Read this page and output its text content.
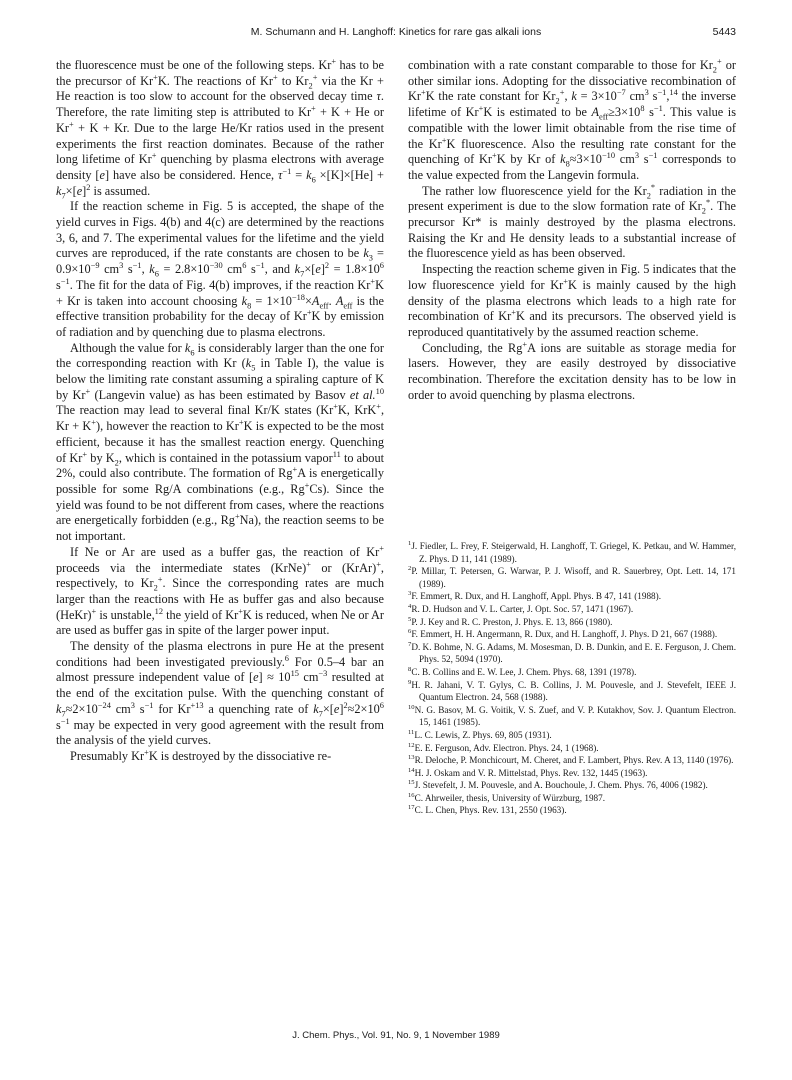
M. Schumann and H. Langhoff: Kinetics for rare gas alkali ions	5443

the fluorescence must be one of the following steps. Kr+ has to be the precursor of Kr+K. The reactions of Kr+ to $Kr_2^+$ via the Kr + He reaction is too slow to account for the observed decay time τ. Therefore, the rate limiting step is attributed to Kr+ + K + He or Kr+ + K + Kr. Due to the large He/Kr ratios used in the present experiments the first reaction dominates. Because of the rather long lifetime of Kr+ quenching by plasma electrons with average density [e] have also be considered. Hence, $\tau^{-1} = k_6 \times[K]\times[He] + k_7\times[e]^2$ is assumed.

If the reaction scheme in Fig. 5 is accepted, the shape of the yield curves in Figs. 4(b) and 4(c) are determined by the reactions 3, 6, and 7. The experimental values for the lifetime and the yield curves are reproduced, if the rate constants are chosen to be $k_3 = 0.9\times 10^{-9}$ $cm^3$ $s^{-1}$, $k_6 = 2.8\times 10^{-30}$ $cm^6$ $s^{-1}$, and $k_7\times[e]^2 = 1.8\times 10^6$ $s^{-1}$. The fit for the data of Fig. 4(b) improves, if the reaction Kr+K + Kr is taken into account choosing $k_8 = 1\times 10^{-18}\times A_{eff}$. $A_{eff}$ is the effective transition probability for the decay of Kr+K by emission of radiation and by quenching due to plasma electrons.

Although the value for $k_6$ is considerably larger than the one for the corresponding reaction with Kr ($k_5$ in Table I), the value is below the limiting rate constant assuming a spiraling capture of K by Kr+ (Langevin value) as has been estimated by Basov et al.$^{10}$ The reaction may lead to several final Kr/K states (Kr+K, KrK+, Kr + K+), however the reaction to Kr+K is expected to be the most efficient, because it has the smallest reaction energy. Quenching of Kr+ by $K_2$, which is contained in the potassium vapor$^{11}$ to about 2%, could also contribute. The formation of Rg+A is energetically possible for some Rg/A combinations (e.g., Rg+Cs). Since the yield was found to be not different from cases, where the reactions are energetically forbidden (e.g., Rg+Na), the reaction seems to be not important.

If Ne or Ar are used as a buffer gas, the reaction of Kr+ proceeds via the intermediate states (KrNe)+ or (KrAr)+, respectively, to $Kr_2^+$. Since the corresponding rates are much larger than the reactions with He as buffer gas and also because (HeKr)+ is unstable,$^{12}$ the yield of Kr+K is reduced, when Ne or Ar are used as buffer gas in spite of the larger power input.

The density of the plasma electrons in pure He at the present conditions had been investigated previously.$^6$ For 0.5–4 bar an almost pressure independent value of $[e] \approx 10^{15}$ $cm^{-3}$ resulted at the end of the excitation pulse. With the quenching constant of $k_7\approx 2\times 10^{-24}$ $cm^3$ $s^{-1}$ for $Kr^{+13}$ a quenching rate of $k_7\times[e]^2\approx 2\times 10^6$ $s^{-1}$ may be expected in very good agreement with the result from the analysis of the yield curves.

Presumably Kr+K is destroyed by the dissociative re-

combination with a rate constant comparable to those for $Kr_2^+$ or other similar ions. Adopting for the dissociative recombination of Kr+K the rate constant for $Kr_2^+$, $k = 3\times 10^{-7}$ $cm^3$ $s^{-1},^{14}$ the inverse lifetime of Kr+K is estimated to be $A_{eff}\ge 3\times 10^8$ $s^{-1}$. This value is compatible with the lower limit obtainable from the rise time of the Kr+K fluorescence. Also the resulting rate constant for the quenching of Kr+K by Kr of $k_8\approx 3\times 10^{-10}$ $cm^3$ $s^{-1}$ corresponds to the value expected from the Langevin formula.

The rather low fluorescence yield for the $Kr_2^*$ radiation in the present experiment is due to the slow formation rate of $Kr_2^*$. The precursor Kr* is mainly destroyed by the plasma electrons. Raising the Kr and He density leads to a substantial increase of the fluorescence yield as has been observed.

Inspecting the reaction scheme given in Fig. 5 indicates that the low fluorescence yield for Kr+K is mainly caused by the high density of the plasma electrons which leads to a high rate for recombination of Kr+K and its precursors. The observed yield is reproduced quantitatively by the assumed reaction scheme.

Concluding, the Rg+A ions are suitable as storage media for lasers. However, they are easily destroyed by dissociative recombination. Therefore the excitation density has to be low in order to avoid quenching by plasma electrons.

$^1$J. Fiedler, L. Frey, F. Steigerwald, H. Langhoff, T. Griegel, K. Petkau, and W. Hammer, Z. Phys. D 11, 141 (1989).
$^2$P. Millar, T. Petersen, G. Warwar, P. J. Wisoff, and R. Sauerbrey, Opt. Lett. 14, 171 (1989).
$^3$F. Emmert, R. Dux, and H. Langhoff, Appl. Phys. B 47, 141 (1988).
$^4$R. D. Hudson and V. L. Carter, J. Opt. Soc. 57, 1471 (1967).
$^5$P. J. Key and R. C. Preston, J. Phys. E. 13, 866 (1980).
$^6$F. Emmert, H. H. Angermann, R. Dux, and H. Langhoff, J. Phys. D 21, 667 (1988).
$^7$D. K. Bohme, N. G. Adams, M. Mosesman, D. B. Dunkin, and E. E. Ferguson, J. Chem. Phys. 52, 5094 (1970).
$^8$C. B. Collins and E. W. Lee, J. Chem. Phys. 68, 1391 (1978).
$^9$H. R. Jahani, V. T. Gylys, C. B. Collins, J. M. Pouvesle, and J. Stevefelt, IEEE J. Quantum Electron. 24, 568 (1988).
$^{10}$N. G. Basov, M. G. Voitik, V. S. Zuef, and V. P. Kutakhov, Sov. J. Quantum Electron. 15, 1461 (1985).
$^{11}$L. C. Lewis, Z. Phys. 69, 805 (1931).
$^{12}$E. E. Ferguson, Adv. Electron. Phys. 24, 1 (1968).
$^{13}$R. Deloche, P. Monchicourt, M. Cheret, and F. Lambert, Phys. Rev. A 13, 1140 (1976).
$^{14}$H. J. Oskam and V. R. Mittelstad, Phys. Rev. 132, 1445 (1963).
$^{15}$J. Stevefelt, J. M. Pouvesle, and A. Bouchoule, J. Chem. Phys. 76, 4006 (1982).
$^{16}$C. Ahrweiler, thesis, University of Würzburg, 1987.
$^{17}$C. L. Chen, Phys. Rev. 131, 2550 (1963).
J. Chem. Phys., Vol. 91, No. 9, 1 November 1989
